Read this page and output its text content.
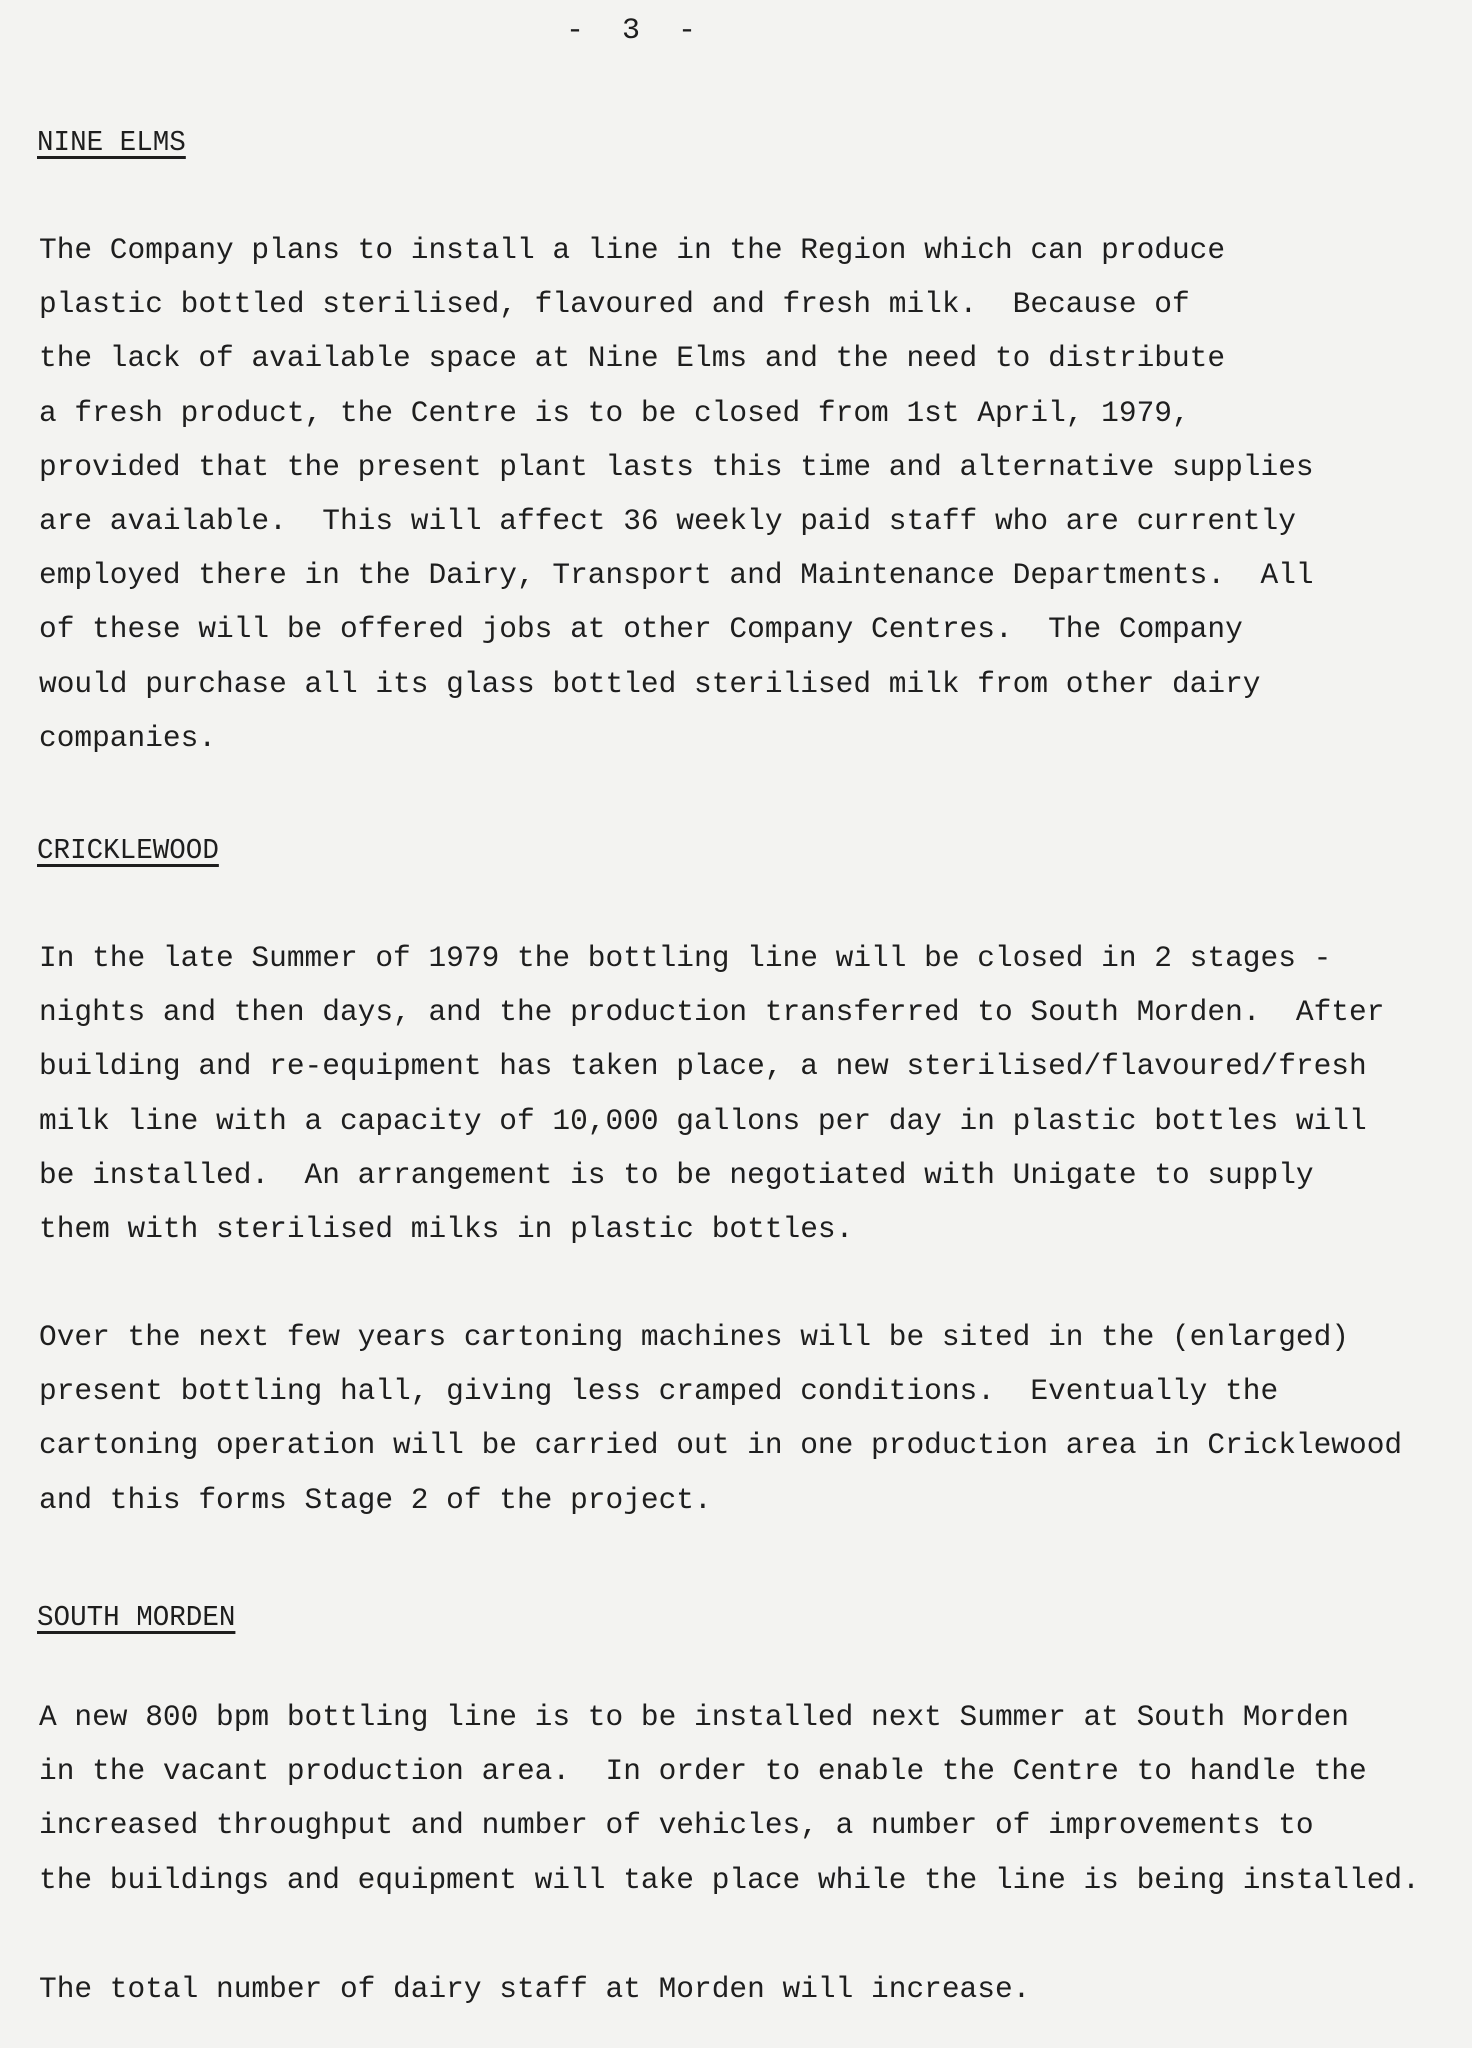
- 3 -
NINE ELMS
The Company plans to install a line in the Region which can produce
plastic bottled sterilised, flavoured and fresh milk.  Because of
the lack of available space at Nine Elms and the need to distribute
a fresh product, the Centre is to be closed from 1st April, 1979,
provided that the present plant lasts this time and alternative supplies
are available.  This will affect 36 weekly paid staff who are currently
employed there in the Dairy, Transport and Maintenance Departments.  All
of these will be offered jobs at other Company Centres.  The Company
would purchase all its glass bottled sterilised milk from other dairy
companies.
CRICKLEWOOD
In the late Summer of 1979 the bottling line will be closed in 2 stages -
nights and then days, and the production transferred to South Morden.  After
building and re-equipment has taken place, a new sterilised/flavoured/fresh
milk line with a capacity of 10,000 gallons per day in plastic bottles will
be installed.  An arrangement is to be negotiated with Unigate to supply
them with sterilised milks in plastic bottles.
Over the next few years cartoning machines will be sited in the (enlarged)
present bottling hall, giving less cramped conditions.  Eventually the
cartoning operation will be carried out in one production area in Cricklewood
and this forms Stage 2 of the project.
SOUTH MORDEN
A new 800 bpm bottling line is to be installed next Summer at South Morden
in the vacant production area.  In order to enable the Centre to handle the
increased throughput and number of vehicles, a number of improvements to
the buildings and equipment will take place while the line is being installed.
The total number of dairy staff at Morden will increase.
